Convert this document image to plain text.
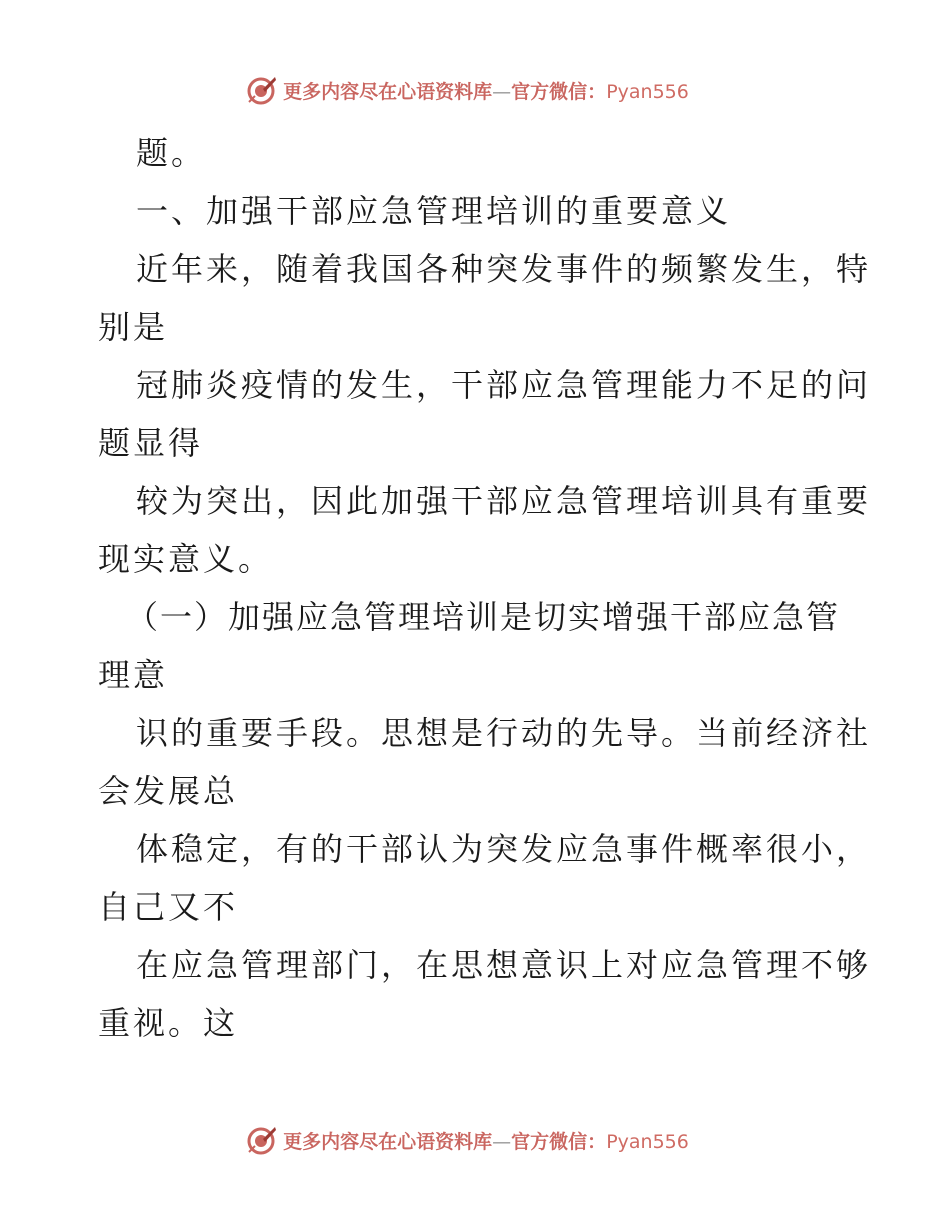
更多内容尽在心语资料库—官方微信：Pyan556
题。
一、加强干部应急管理培训的重要意义
近年来，随着我国各种突发事件的频繁发生，特
别是
冠肺炎疫情的发生，干部应急管理能力不足的问
题显得
较为突出，因此加强干部应急管理培训具有重要
现实意义。
（一）加强应急管理培训是切实增强干部应急管
理意
识的重要手段。思想是行动的先导。当前经济社
会发展总
体稳定，有的干部认为突发应急事件概率很小，
自己又不
在应急管理部门，在思想意识上对应急管理不够
重视。这
更多内容尽在心语资料库—官方微信：Pyan556
